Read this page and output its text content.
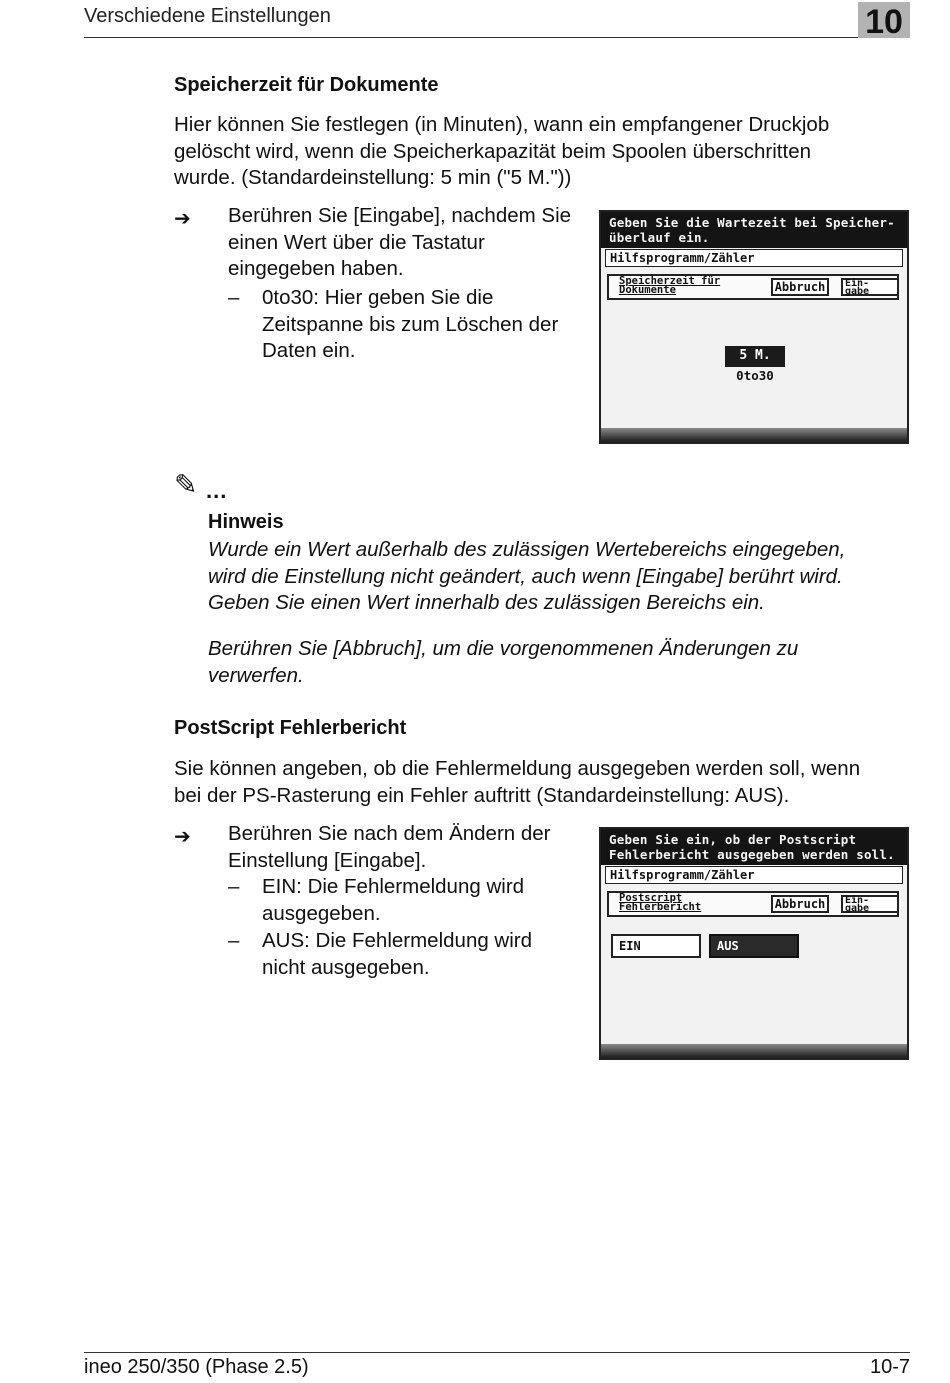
Verschiedene Einstellungen	10
Speicherzeit für Dokumente
Hier können Sie festlegen (in Minuten), wann ein empfangener Druckjob
gelöscht wird, wenn die Speicherkapazität beim Spoolen überschritten
wurde. (Standardeinstellung: 5 min ("5 M."))
➔ Berühren Sie [Eingabe], nachdem Sie
einen Wert über die Tastatur
eingegeben haben.
– 0to30: Hier geben Sie die
Zeitspanne bis zum Löschen der
Daten ein.
Geben Sie die Wartezeit bei Speicher-
überlauf ein.
Hilfsprogramm/Zähler
Speicherzeit für
Dokumente	Abbruch	Ein-
gabe
5 M.
0to30
✎ ...
Hinweis
Wurde ein Wert außerhalb des zulässigen Wertebereichs eingegeben,
wird die Einstellung nicht geändert, auch wenn [Eingabe] berührt wird.
Geben Sie einen Wert innerhalb des zulässigen Bereichs ein.
Berühren Sie [Abbruch], um die vorgenommenen Änderungen zu
verwerfen.
PostScript Fehlerbericht
Sie können angeben, ob die Fehlermeldung ausgegeben werden soll, wenn
bei der PS-Rasterung ein Fehler auftritt (Standardeinstellung: AUS).
➔ Berühren Sie nach dem Ändern der
Einstellung [Eingabe].
– EIN: Die Fehlermeldung wird
ausgegeben.
– AUS: Die Fehlermeldung wird
nicht ausgegeben.
Geben Sie ein, ob der Postscript
Fehlerbericht ausgegeben werden soll.
Hilfsprogramm/Zähler
Postscript
Fehlerbericht	Abbruch	Ein-
gabe
EIN	AUS
ineo 250/350 (Phase 2.5)	10-7
